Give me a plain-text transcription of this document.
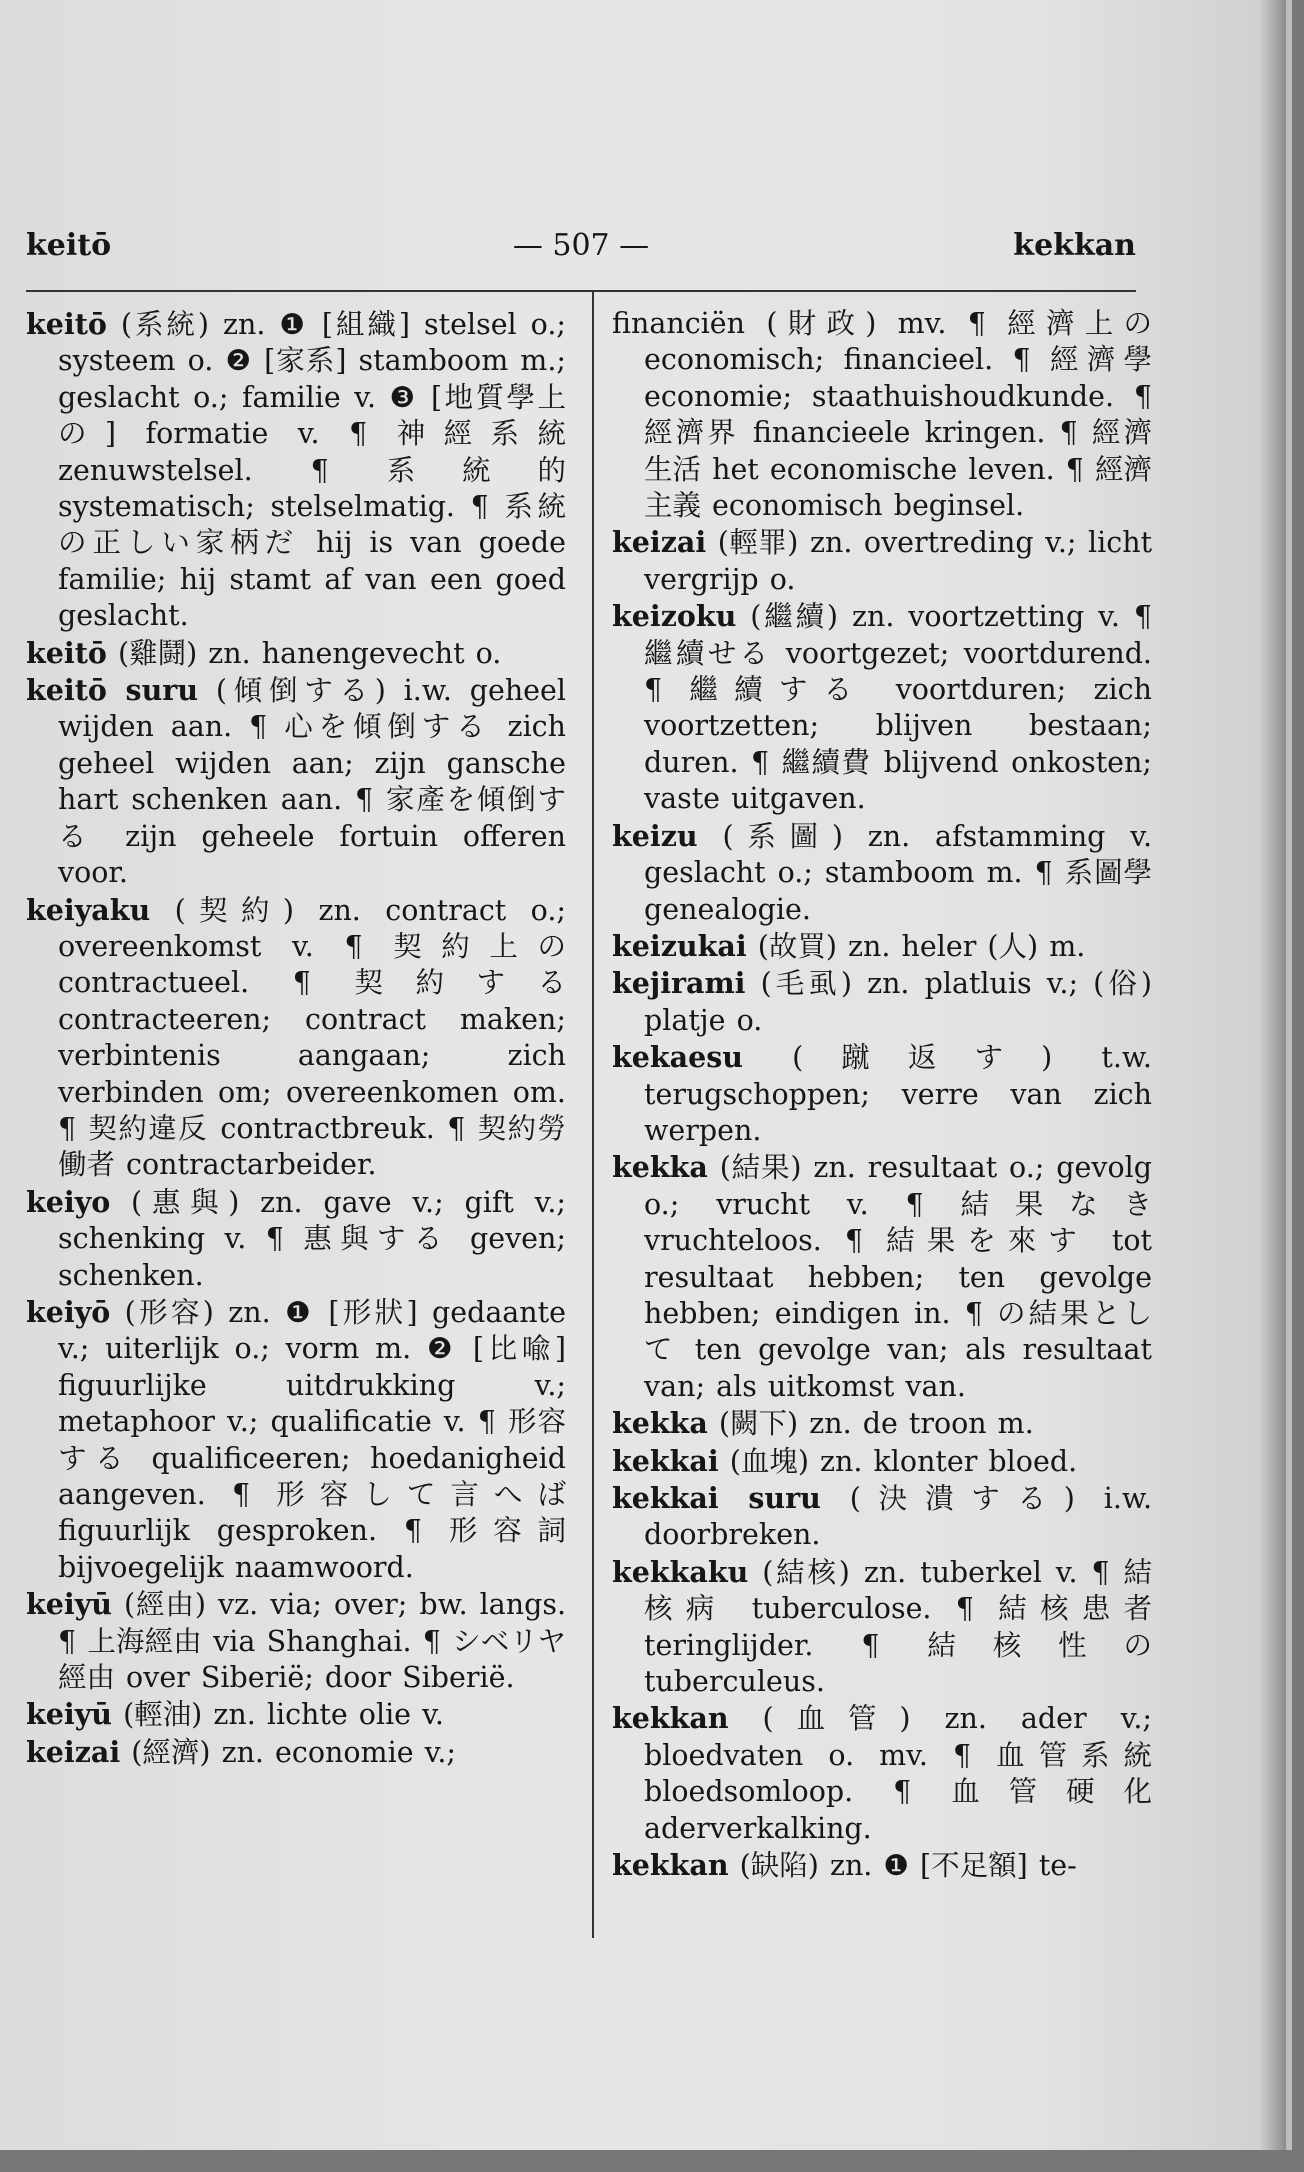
keitō	— 507 —	kekkan

keitō (系統) zn. ❶ [組織] stelsel o.; systeem o. ❷ [家系] stamboom m.; geslacht o.; familie v. ❸ [地質學上の] formatie v. ¶ 神經系統 zenuwstelsel. ¶ 系統的 systematisch; stelselmatig. ¶ 系統の正しい家柄だ hij is van goede familie; hij stamt af van een goed geslacht.

keitō (雞鬪) zn. hanengevecht o.

keitō suru (傾倒する) i.w. geheel wijden aan. ¶ 心を傾倒する zich geheel wijden aan; zijn gansche hart schenken aan. ¶ 家產を傾倒する zijn geheele fortuin offeren voor.

keiyaku (契約) zn. contract o.; overeenkomst v. ¶ 契約上の contractueel. ¶ 契約する contracteeren; contract maken; verbintenis aangaan; zich verbinden om; overeenkomen om. ¶ 契約違反 contractbreuk. ¶ 契約勞働者 contractarbeider.

keiyo (惠與) zn. gave v.; gift v.; schenking v. ¶ 惠與する geven; schenken.

keiyō (形容) zn. ❶ [形狀] gedaante v.; uiterlijk o.; vorm m. ❷ [比喩] figuurlijke uitdrukking v.; metaphoor v.; qualificatie v. ¶ 形容する qualificeeren; hoedanigheid aangeven. ¶ 形容して言へば figuurlijk gesproken. ¶ 形容詞 bijvoegelijk naamwoord.

keiyū (經由) vz. via; over; bw. langs. ¶ 上海經由 via Shanghai. ¶ シベリヤ經由 over Siberië; door Siberië.

keiyū (輕油) zn. lichte olie v.

keizai (經濟) zn. economie v.;

financiën (財政) mv. ¶ 經濟上の economisch; financieel. ¶ 經濟學 economie; staathuishoudkunde. ¶ 經濟界 financieele kringen. ¶ 經濟生活 het economische leven. ¶ 經濟主義 economisch beginsel.

keizai (輕罪) zn. overtreding v.; licht vergrijp o.

keizoku (繼續) zn. voortzetting v. ¶ 繼續せる voortgezet; voortdurend. ¶ 繼續する voortduren; zich voortzetten; blijven bestaan; duren. ¶ 繼續費 blijvend onkosten; vaste uitgaven.

keizu (系圖) zn. afstamming v. geslacht o.; stamboom m. ¶ 系圖學 genealogie.

keizukai (故買) zn. heler (人) m.

kejirami (毛虱) zn. platluis v.; (俗) platje o.

kekaesu (蹴返す) t.w. terugschoppen; verre van zich werpen.

kekka (結果) zn. resultaat o.; gevolg o.; vrucht v. ¶ 結果なき vruchteloos. ¶ 結果を來す tot resultaat hebben; ten gevolge hebben; eindigen in. ¶ の結果として ten gevolge van; als resultaat van; als uitkomst van.

kekka (闕下) zn. de troon m.

kekkai (血塊) zn. klonter bloed.

kekkai suru (決潰する) i.w. doorbreken.

kekkaku (結核) zn. tuberkel v. ¶ 結核病 tuberculose. ¶ 結核患者 teringlijder. ¶ 結核性の tuberculeus.

kekkan (血管) zn. ader v.; bloedvaten o. mv. ¶ 血管系統 bloedsomloop. ¶ 血管硬化 aderverkalking.

kekkan (缺陷) zn. ❶ [不足額] te-
